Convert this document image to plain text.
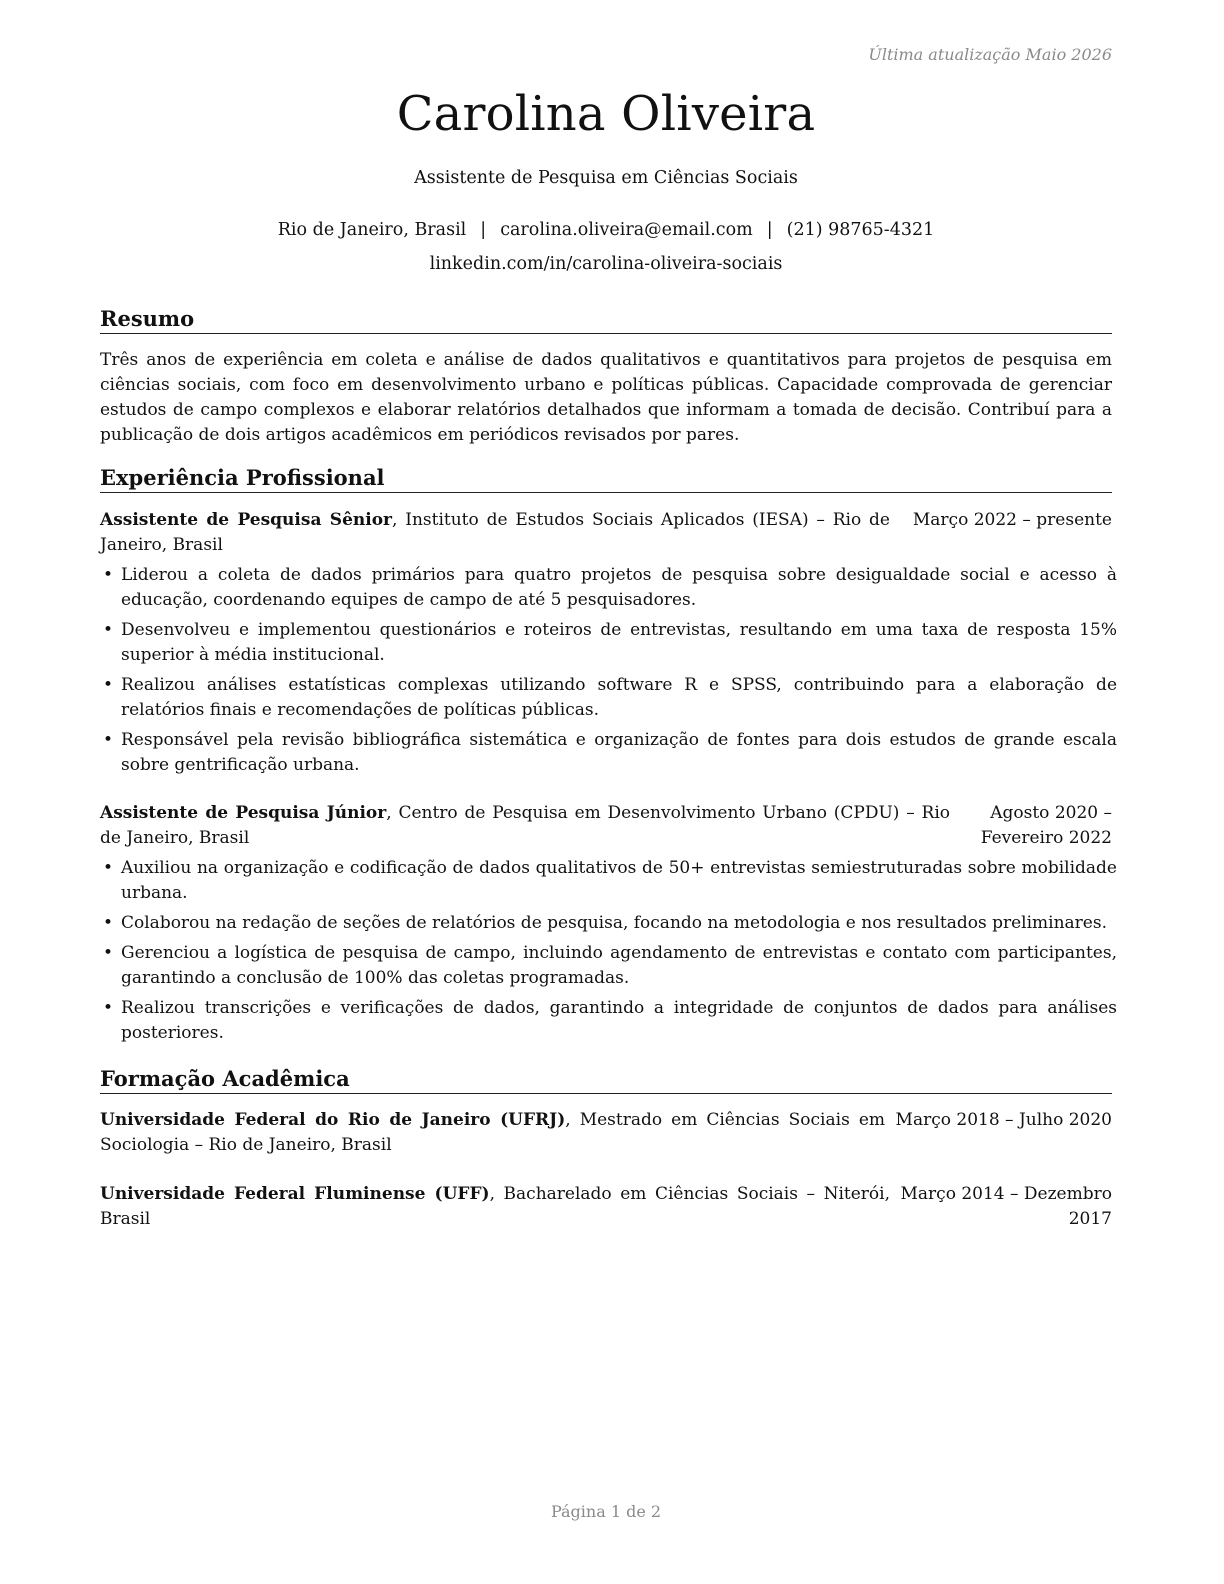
Última atualização Maio 2026
Carolina Oliveira
Assistente de Pesquisa em Ciências Sociais
Rio de Janeiro, Brasil | carolina.oliveira@email.com | (21) 98765-4321
linkedin.com/in/carolina-oliveira-sociais
Resumo
Três anos de experiência em coleta e análise de dados qualitativos e quantitativos para projetos de pesquisa em ciências sociais, com foco em desenvolvimento urbano e políticas públicas. Capacidade comprovada de gerenciar estudos de campo complexos e elaborar relatórios detalhados que informam a tomada de decisão. Contribuí para a publicação de dois artigos acadêmicos em periódicos revisados por pares.
Experiência Profissional
Assistente de Pesquisa Sênior, Instituto de Estudos Sociais Aplicados (IESA) – Rio de Janeiro, Brasil
Março 2022 – presente
• Liderou a coleta de dados primários para quatro projetos de pesquisa sobre desigualdade social e acesso à educação, coordenando equipes de campo de até 5 pesquisadores.
• Desenvolveu e implementou questionários e roteiros de entrevistas, resultando em uma taxa de resposta 15% superior à média institucional.
• Realizou análises estatísticas complexas utilizando software R e SPSS, contribuindo para a elaboração de relatórios finais e recomendações de políticas públicas.
• Responsável pela revisão bibliográfica sistemática e organização de fontes para dois estudos de grande escala sobre gentrificação urbana.
Assistente de Pesquisa Júnior, Centro de Pesquisa em Desenvolvimento Urbano (CPDU) – Rio de Janeiro, Brasil
Agosto 2020 – Fevereiro 2022
• Auxiliou na organização e codificação de dados qualitativos de 50+ entrevistas semiestruturadas sobre mobilidade urbana.
• Colaborou na redação de seções de relatórios de pesquisa, focando na metodologia e nos resultados preliminares.
• Gerenciou a logística de pesquisa de campo, incluindo agendamento de entrevistas e contato com participantes, garantindo a conclusão de 100% das coletas programadas.
• Realizou transcrições e verificações de dados, garantindo a integridade de conjuntos de dados para análises posteriores.
Formação Acadêmica
Universidade Federal do Rio de Janeiro (UFRJ), Mestrado em Ciências Sociais em Sociologia – Rio de Janeiro, Brasil
Março 2018 – Julho 2020
Universidade Federal Fluminense (UFF), Bacharelado em Ciências Sociais – Niterói, Brasil
Março 2014 – Dezembro 2017
Página 1 de 2
